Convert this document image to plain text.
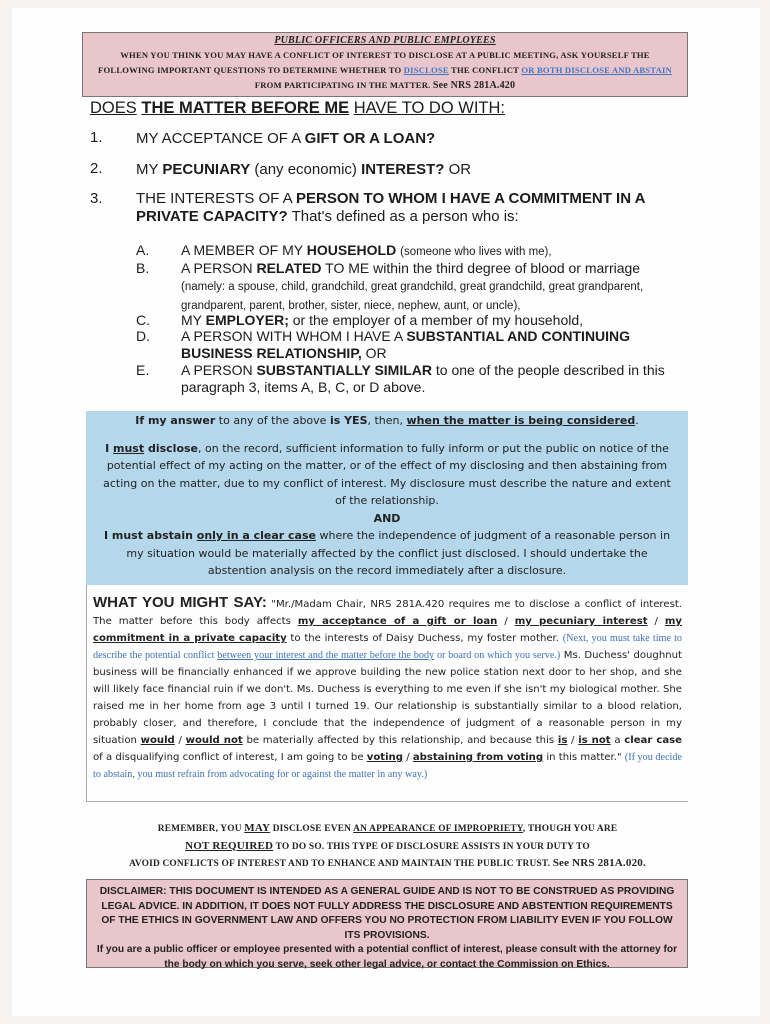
PUBLIC OFFICERS AND PUBLIC EMPLOYEES
WHEN YOU THINK YOU MAY HAVE A CONFLICT OF INTEREST TO DISCLOSE AT A PUBLIC MEETING, ASK YOURSELF THE
FOLLOWING IMPORTANT QUESTIONS TO DETERMINE WHETHER TO DISCLOSE THE CONFLICT OR BOTH DISCLOSE AND ABSTAIN
FROM PARTICIPATING IN THE MATTER. See NRS 281A.420
DOES THE MATTER BEFORE ME HAVE TO DO WITH:
1. MY ACCEPTANCE OF A GIFT OR A LOAN?
2. MY PECUNIARY (any economic) INTEREST? OR
3. THE INTERESTS OF A PERSON TO WHOM I HAVE A COMMITMENT IN A PRIVATE CAPACITY? That's defined as a person who is:
A. A MEMBER OF MY HOUSEHOLD (someone who lives with me),
B. A PERSON RELATED TO ME within the third degree of blood or marriage
(namely: a spouse, child, grandchild, great grandchild, great grandchild, great grandparent, grandparent, parent, brother, sister, niece, nephew, aunt, or uncle),
C. MY EMPLOYER; or the employer of a member of my household,
D. A PERSON WITH WHOM I HAVE A SUBSTANTIAL AND CONTINUING BUSINESS RELATIONSHIP, OR
E. A PERSON SUBSTANTIALLY SIMILAR to one of the people described in this paragraph 3, items A, B, C, or D above.

If my answer to any of the above is YES, then, when the matter is being considered.

I must disclose, on the record, sufficient information to fully inform or put the public on notice of the potential effect of my acting on the matter, or of the effect of my disclosing and then abstaining from acting on the matter, due to my conflict of interest. My disclosure must describe the nature and extent of the relationship.

AND

I must abstain only in a clear case where the independence of judgment of a reasonable person in my situation would be materially affected by the conflict just disclosed. I should undertake the abstention analysis on the record immediately after a disclosure.

WHAT YOU MIGHT SAY: "Mr./Madam Chair, NRS 281A.420 requires me to disclose a conflict of interest. The matter before this body affects my acceptance of a gift or loan / my pecuniary interest / my commitment in a private capacity to the interests of Daisy Duchess, my foster mother. (Next, you must take time to describe the potential conflict between your interest and the matter before the body or board on which you serve.) Ms. Duchess' doughnut business will be financially enhanced if we approve building the new police station next door to her shop, and she will likely face financial ruin if we don't. Ms. Duchess is everything to me even if she isn't my biological mother. She raised me in her home from age 3 until I turned 19. Our relationship is substantially similar to a blood relation, probably closer, and therefore, I conclude that the independence of judgment of a reasonable person in my situation would / would not be materially affected by this relationship, and because this is / is not a clear case of a disqualifying conflict of interest, I am going to be voting / abstaining from voting in this matter." (If you decide to abstain, you must refrain from advocating for or against the matter in any way.)
REMEMBER, YOU MAY DISCLOSE EVEN AN APPEARANCE OF IMPROPRIETY, THOUGH YOU ARE
NOT REQUIRED TO DO SO. THIS TYPE OF DISCLOSURE ASSISTS IN YOUR DUTY TO
AVOID CONFLICTS OF INTEREST AND TO ENHANCE AND MAINTAIN THE PUBLIC TRUST. See NRS 281A.020.
DISCLAIMER: THIS DOCUMENT IS INTENDED AS A GENERAL GUIDE AND IS NOT TO BE CONSTRUED AS PROVIDING LEGAL ADVICE. IN ADDITION, IT DOES NOT FULLY ADDRESS THE DISCLOSURE AND ABSTENTION REQUIREMENTS OF THE ETHICS IN GOVERNMENT LAW AND OFFERS YOU NO PROTECTION FROM LIABILITY EVEN IF YOU FOLLOW ITS PROVISIONS.
If you are a public officer or employee presented with a potential conflict of interest, please consult with the attorney for the body on which you serve, seek other legal advice, or contact the Commission on Ethics.
